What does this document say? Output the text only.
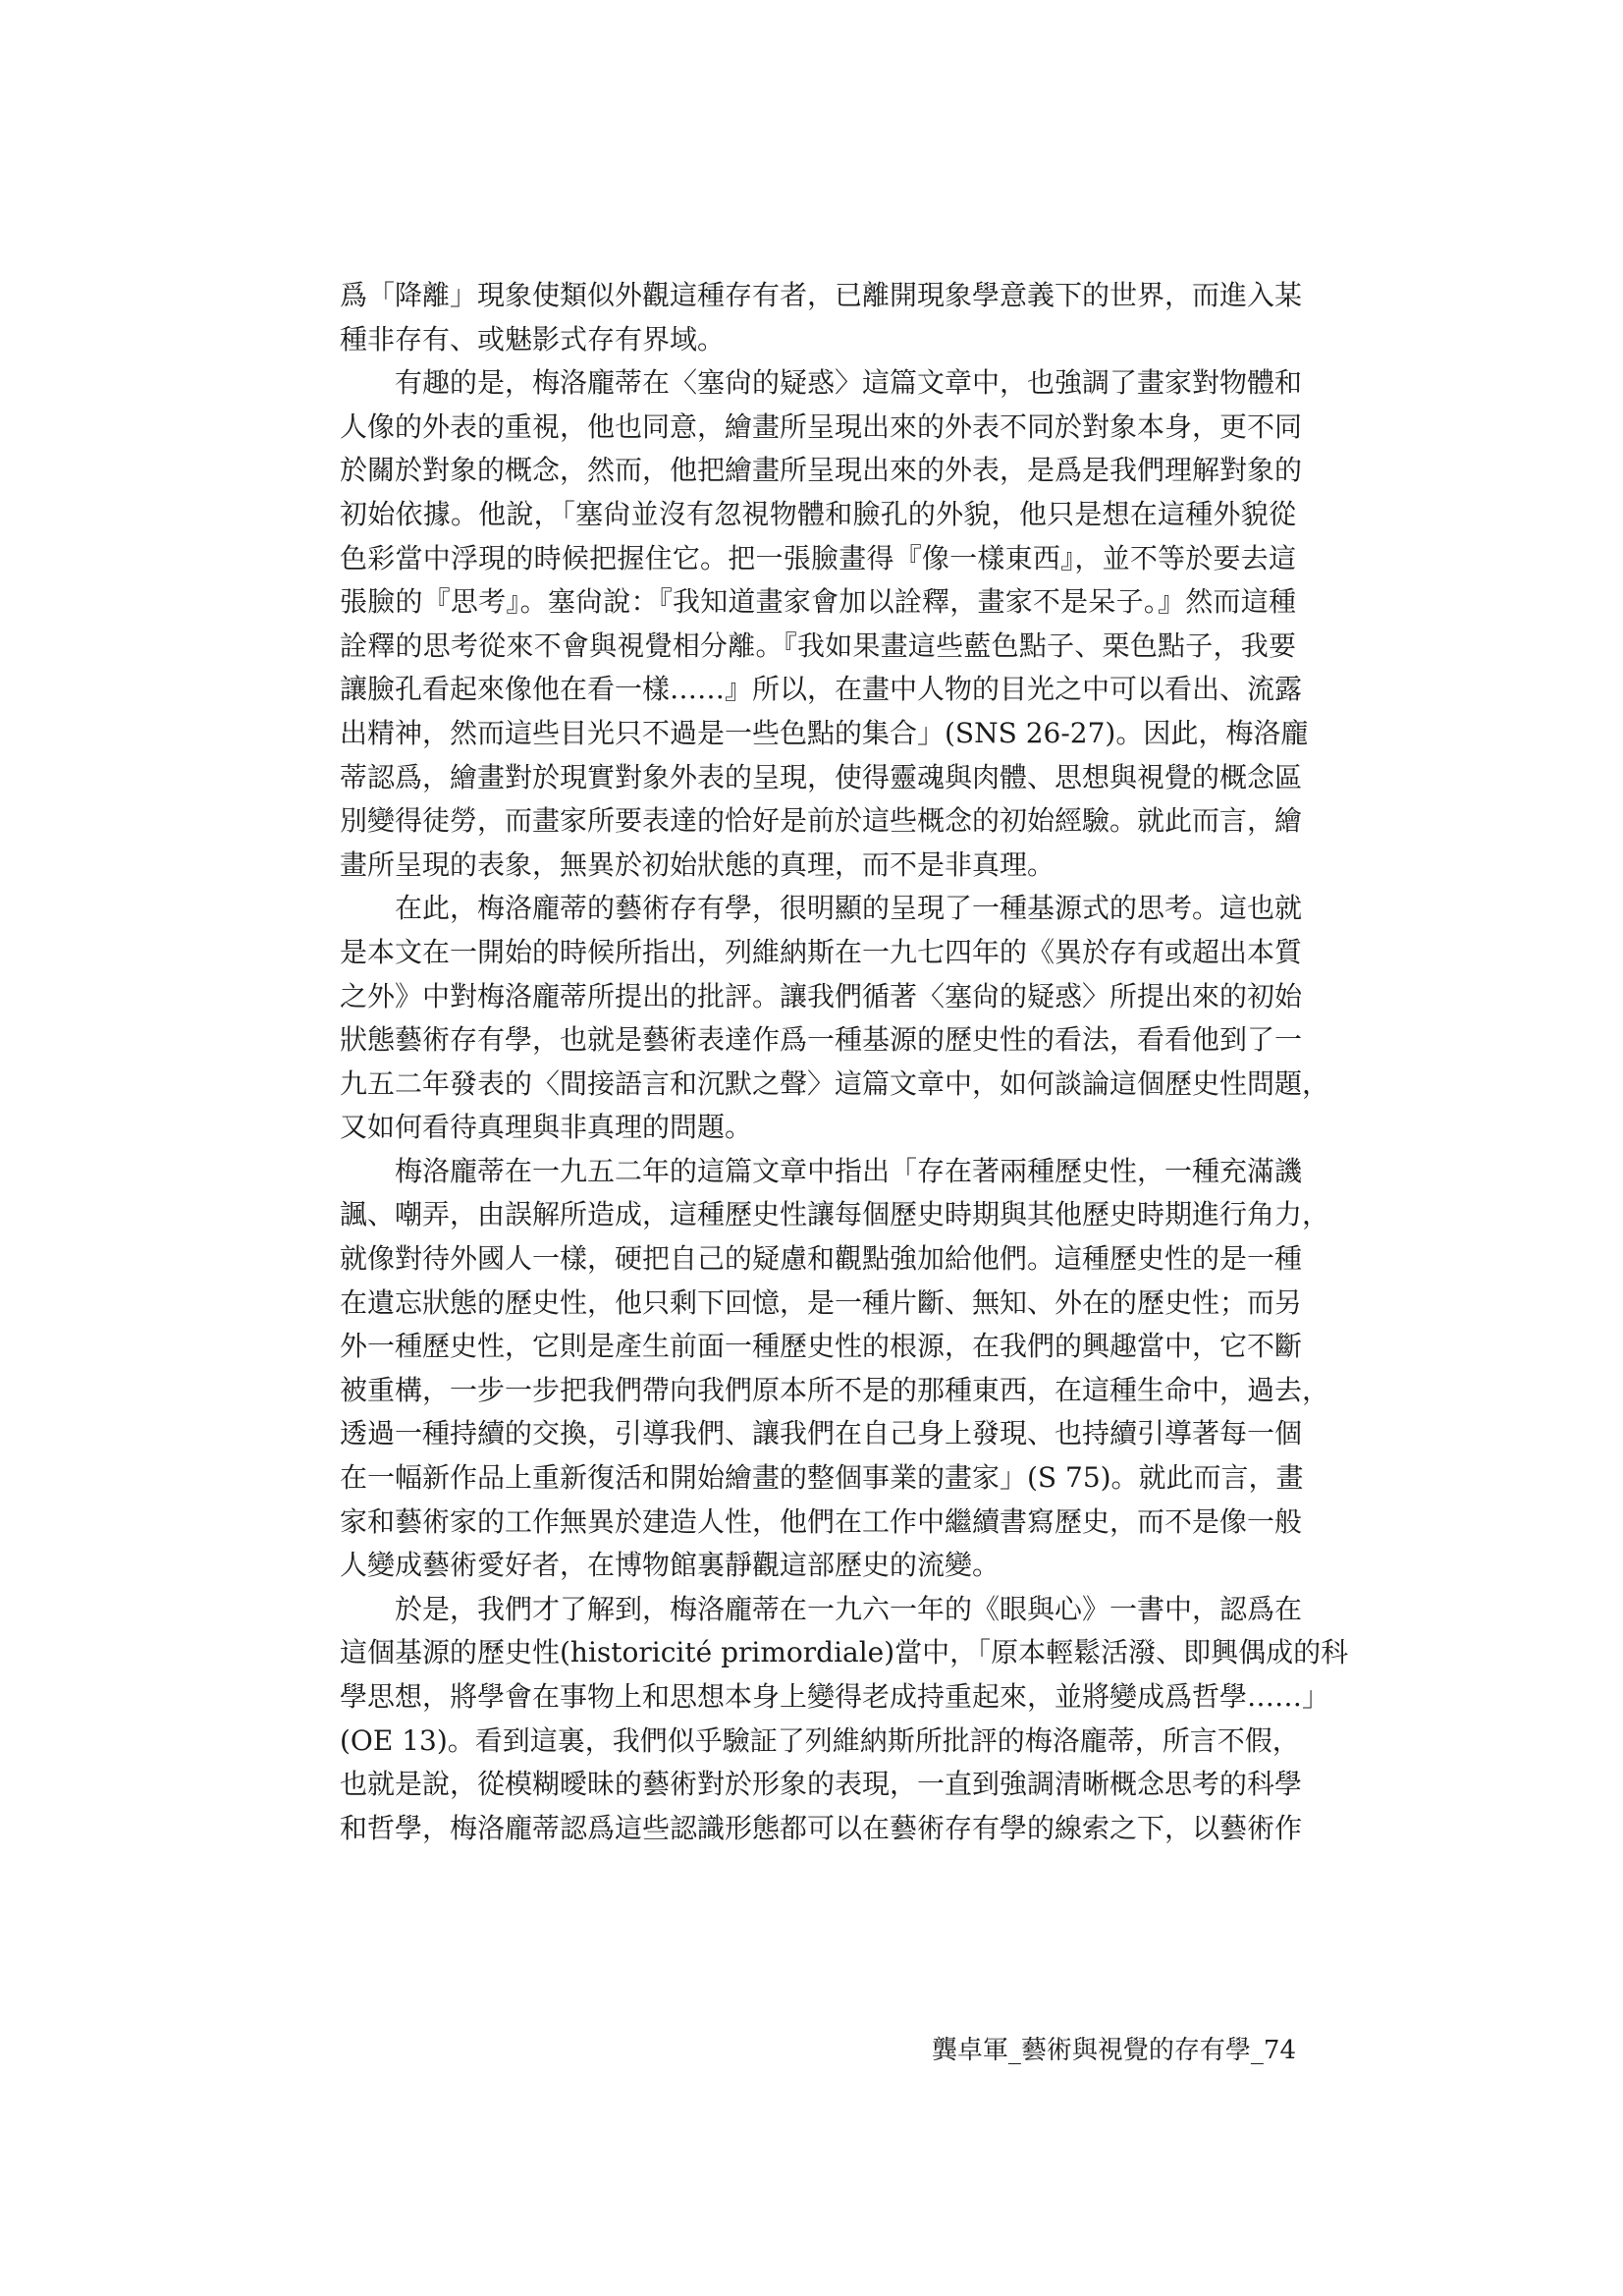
爲「降離」現象使類似外觀這種存有者，已離開現象學意義下的世界，而進入某
種非存有、或魅影式存有界域。
有趣的是，梅洛龐蒂在〈塞尙的疑惑〉這篇文章中，也強調了畫家對物體和
人像的外表的重視，他也同意，繪畫所呈現出來的外表不同於對象本身，更不同
於關於對象的概念，然而，他把繪畫所呈現出來的外表，是爲是我們理解對象的
初始依據。他說，「塞尙並沒有忽視物體和臉孔的外貌，他只是想在這種外貌從
色彩當中浮現的時候把握住它。把一張臉畫得『像一樣東西』，並不等於要去這
張臉的『思考』。塞尙說：『我知道畫家會加以詮釋，畫家不是呆子。』然而這種
詮釋的思考從來不會與視覺相分離。『我如果畫這些藍色點子、栗色點子，我要
讓臉孔看起來像他在看一樣……』所以，在畫中人物的目光之中可以看出、流露
出精神，然而這些目光只不過是一些色點的集合」(SNS 26-27)。因此，梅洛龐
蒂認爲，繪畫對於現實對象外表的呈現，使得靈魂與肉體、思想與視覺的概念區
別變得徒勞，而畫家所要表達的恰好是前於這些概念的初始經驗。就此而言，繪
畫所呈現的表象，無異於初始狀態的真理，而不是非真理。
在此，梅洛龐蒂的藝術存有學，很明顯的呈現了一種基源式的思考。這也就
是本文在一開始的時候所指出，列維納斯在一九七四年的《異於存有或超出本質
之外》中對梅洛龐蒂所提出的批評。讓我們循著〈塞尙的疑惑〉所提出來的初始
狀態藝術存有學，也就是藝術表達作爲一種基源的歷史性的看法，看看他到了一
九五二年發表的〈間接語言和沉默之聲〉這篇文章中，如何談論這個歷史性問題，
又如何看待真理與非真理的問題。
梅洛龐蒂在一九五二年的這篇文章中指出「存在著兩種歷史性，一種充滿譏
諷、嘲弄，由誤解所造成，這種歷史性讓每個歷史時期與其他歷史時期進行角力，
就像對待外國人一樣，硬把自己的疑慮和觀點強加給他們。這種歷史性的是一種
在遺忘狀態的歷史性，他只剩下回憶，是一種片斷、無知、外在的歷史性；而另
外一種歷史性，它則是產生前面一種歷史性的根源，在我們的興趣當中，它不斷
被重構，一步一步把我們帶向我們原本所不是的那種東西，在這種生命中，過去，
透過一種持續的交換，引導我們、讓我們在自己身上發現、也持續引導著每一個
在一幅新作品上重新復活和開始繪畫的整個事業的畫家」(S 75)。就此而言，畫
家和藝術家的工作無異於建造人性，他們在工作中繼續書寫歷史，而不是像一般
人變成藝術愛好者，在博物館裏靜觀這部歷史的流變。
於是，我們才了解到，梅洛龐蒂在一九六一年的《眼與心》一書中，認爲在
這個基源的歷史性(historicité primordiale)當中，「原本輕鬆活潑、即興偶成的科
學思想，將學會在事物上和思想本身上變得老成持重起來，並將變成爲哲學……」
(OE 13)。看到這裏，我們似乎驗証了列維納斯所批評的梅洛龐蒂，所言不假，
也就是說，從模糊曖昧的藝術對於形象的表現，一直到強調清晰概念思考的科學
和哲學，梅洛龐蒂認爲這些認識形態都可以在藝術存有學的線索之下，以藝術作
龔卓軍_藝術與視覺的存有學_74
